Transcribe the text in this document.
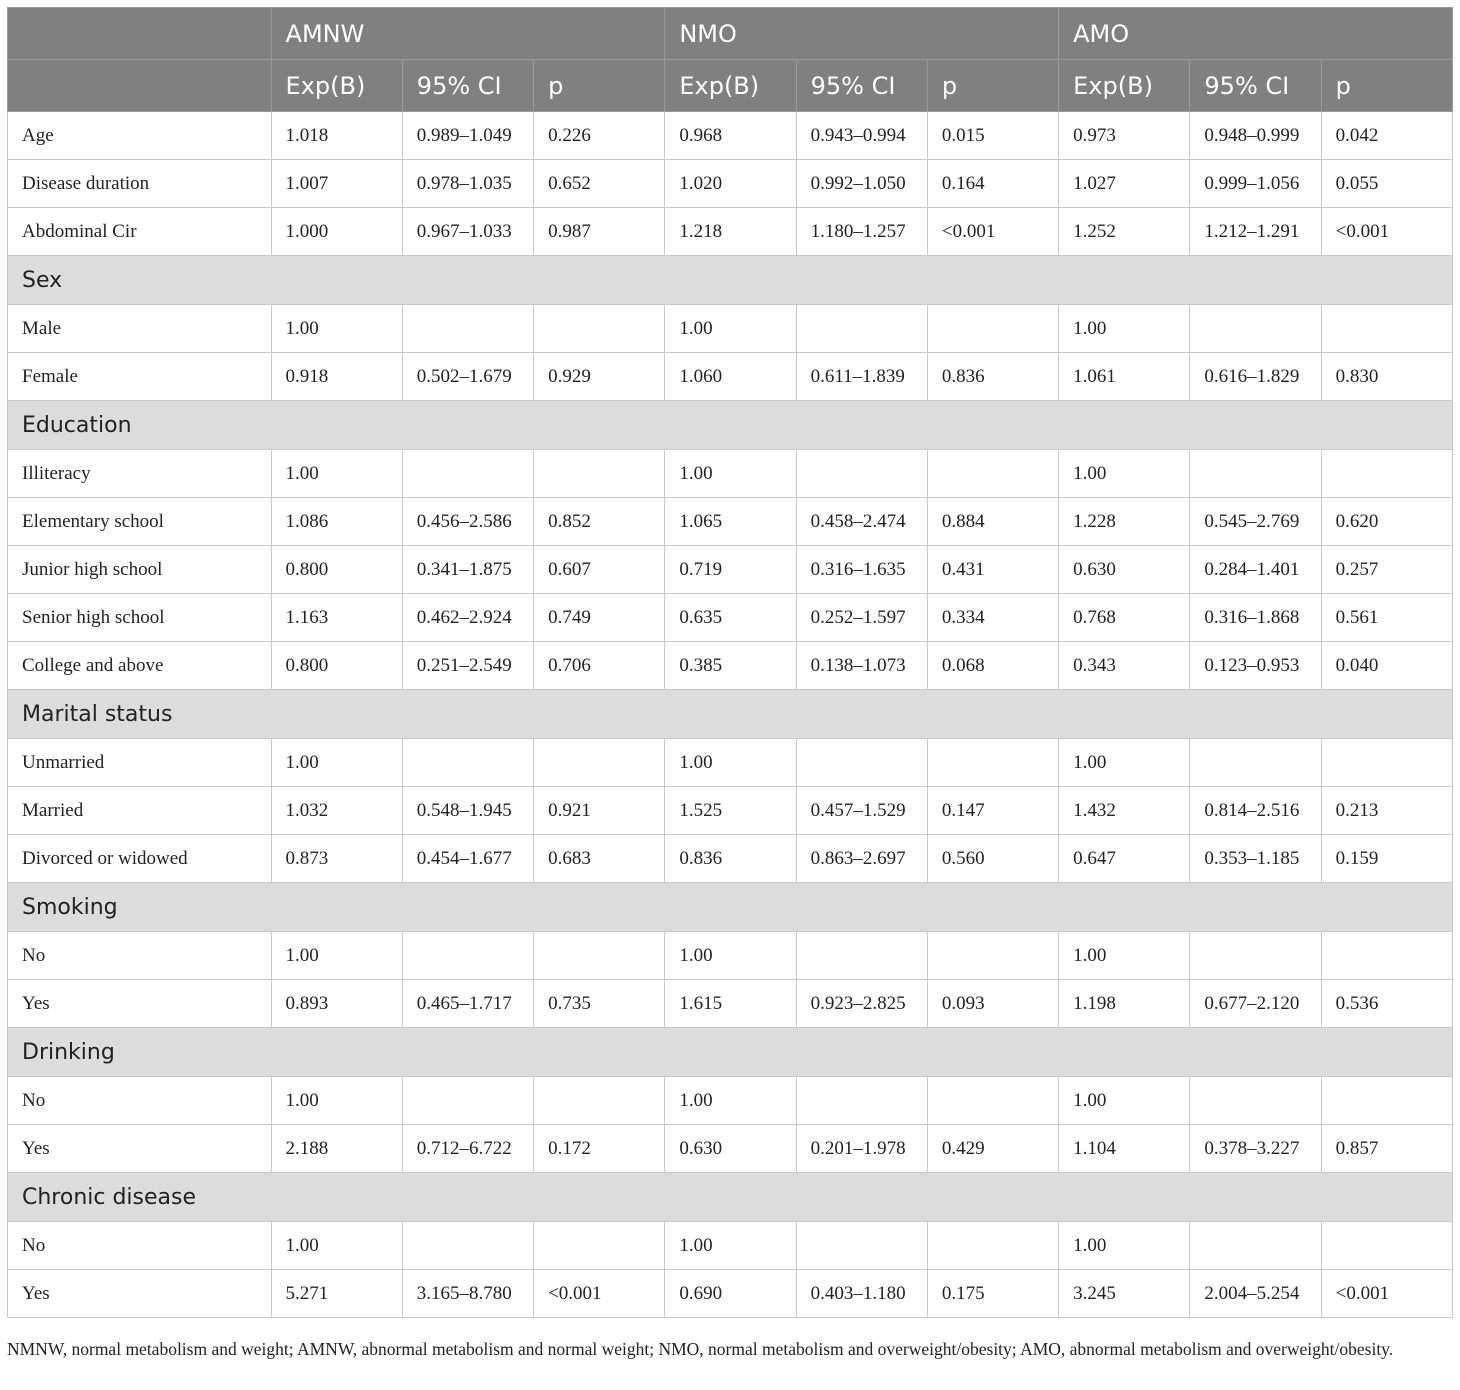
	AMNW			NMO			AMO		
	Exp(B)	95% CI	p	Exp(B)	95% CI	p	Exp(B)	95% CI	p
Age	1.018	0.989–1.049	0.226	0.968	0.943–0.994	0.015	0.973	0.948–0.999	0.042
Disease duration	1.007	0.978–1.035	0.652	1.020	0.992–1.050	0.164	1.027	0.999–1.056	0.055
Abdominal Cir	1.000	0.967–1.033	0.987	1.218	1.180–1.257	<0.001	1.252	1.212–1.291	<0.001
Sex									
Male	1.00			1.00			1.00		
Female	0.918	0.502–1.679	0.929	1.060	0.611–1.839	0.836	1.061	0.616–1.829	0.830
Education									
Illiteracy	1.00			1.00			1.00		
Elementary school	1.086	0.456–2.586	0.852	1.065	0.458–2.474	0.884	1.228	0.545–2.769	0.620
Junior high school	0.800	0.341–1.875	0.607	0.719	0.316–1.635	0.431	0.630	0.284–1.401	0.257
Senior high school	1.163	0.462–2.924	0.749	0.635	0.252–1.597	0.334	0.768	0.316–1.868	0.561
College and above	0.800	0.251–2.549	0.706	0.385	0.138–1.073	0.068	0.343	0.123–0.953	0.040
Marital status									
Unmarried	1.00			1.00			1.00		
Married	1.032	0.548–1.945	0.921	1.525	0.457–1.529	0.147	1.432	0.814–2.516	0.213
Divorced or widowed	0.873	0.454–1.677	0.683	0.836	0.863–2.697	0.560	0.647	0.353–1.185	0.159
Smoking									
No	1.00			1.00			1.00		
Yes	0.893	0.465–1.717	0.735	1.615	0.923–2.825	0.093	1.198	0.677–2.120	0.536
Drinking									
No	1.00			1.00			1.00		
Yes	2.188	0.712–6.722	0.172	0.630	0.201–1.978	0.429	1.104	0.378–3.227	0.857
Chronic disease									
No	1.00			1.00			1.00		
Yes	5.271	3.165–8.780	<0.001	0.690	0.403–1.180	0.175	3.245	2.004–5.254	<0.001
NMNW, normal metabolism and weight; AMNW, abnormal metabolism and normal weight; NMO, normal metabolism and overweight/obesity; AMO, abnormal metabolism and overweight/obesity.
